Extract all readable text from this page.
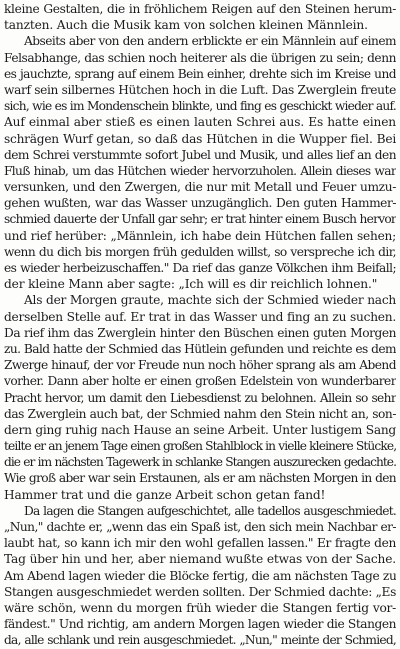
kleine Gestalten, die in fröhlichem Reigen auf den Steinen herum-
tanzten. Auch die Musik kam von solchen kleinen Männlein.
Abseits aber von den andern erblickte er ein Männlein auf einem
Felsabhange, das schien noch heiterer als die übrigen zu sein; denn
es jauchzte, sprang auf einem Bein einher, drehte sich im Kreise und
warf sein silbernes Hütchen hoch in die Luft. Das Zwerglein freute
sich, wie es im Mondenschein blinkte, und fing es geschickt wieder auf.
Auf einmal aber stieß es einen lauten Schrei aus. Es hatte einen
schrägen Wurf getan, so daß das Hütchen in die Wupper fiel. Bei
dem Schrei verstummte sofort Jubel und Musik, und alles lief an den
Fluß hinab, um das Hütchen wieder hervorzuholen. Allein dieses war
versunken, und den Zwergen, die nur mit Metall und Feuer umzu-
gehen wußten, war das Wasser unzugänglich. Den guten Hammer-
schmied dauerte der Unfall gar sehr; er trat hinter einem Busch hervor
und rief herüber: „Männlein, ich habe dein Hütchen fallen sehen;
wenn du dich bis morgen früh gedulden willst, so verspreche ich dir,
es wieder herbeizuschaffen." Da rief das ganze Völkchen ihm Beifall;
der kleine Mann aber sagte: „Ich will es dir reichlich lohnen."
Als der Morgen graute, machte sich der Schmied wieder nach
derselben Stelle auf. Er trat in das Wasser und fing an zu suchen.
Da rief ihm das Zwerglein hinter den Büschen einen guten Morgen
zu. Bald hatte der Schmied das Hütlein gefunden und reichte es dem
Zwerge hinauf, der vor Freude nun noch höher sprang als am Abend
vorher. Dann aber holte er einen großen Edelstein von wunderbarer
Pracht hervor, um damit den Liebesdienst zu belohnen. Allein so sehr
das Zwerglein auch bat, der Schmied nahm den Stein nicht an, son-
dern ging ruhig nach Hause an seine Arbeit. Unter lustigem Sang
teilte er an jenem Tage einen großen Stahlblock in vielle kleinere Stücke,
die er im nächsten Tagewerk in schlanke Stangen auszurecken gedachte.
Wie groß aber war sein Erstaunen, als er am nächsten Morgen in den
Hammer trat und die ganze Arbeit schon getan fand!
Da lagen die Stangen aufgeschichtet, alle tadellos ausgeschmiedet.
„Nun," dachte er, „wenn das ein Spaß ist, den sich mein Nachbar er-
laubt hat, so kann ich mir den wohl gefallen lassen." Er fragte den
Tag über hin und her, aber niemand wußte etwas von der Sache.
Am Abend lagen wieder die Blöcke fertig, die am nächsten Tage zu
Stangen ausgeschmiedet werden sollten. Der Schmied dachte: „Es
wäre schön, wenn du morgen früh wieder die Stangen fertig vor-
fändest." Und richtig, am andern Morgen lagen wieder die Stangen
da, alle schlank und rein ausgeschmiedet. „Nun," meinte der Schmied,
